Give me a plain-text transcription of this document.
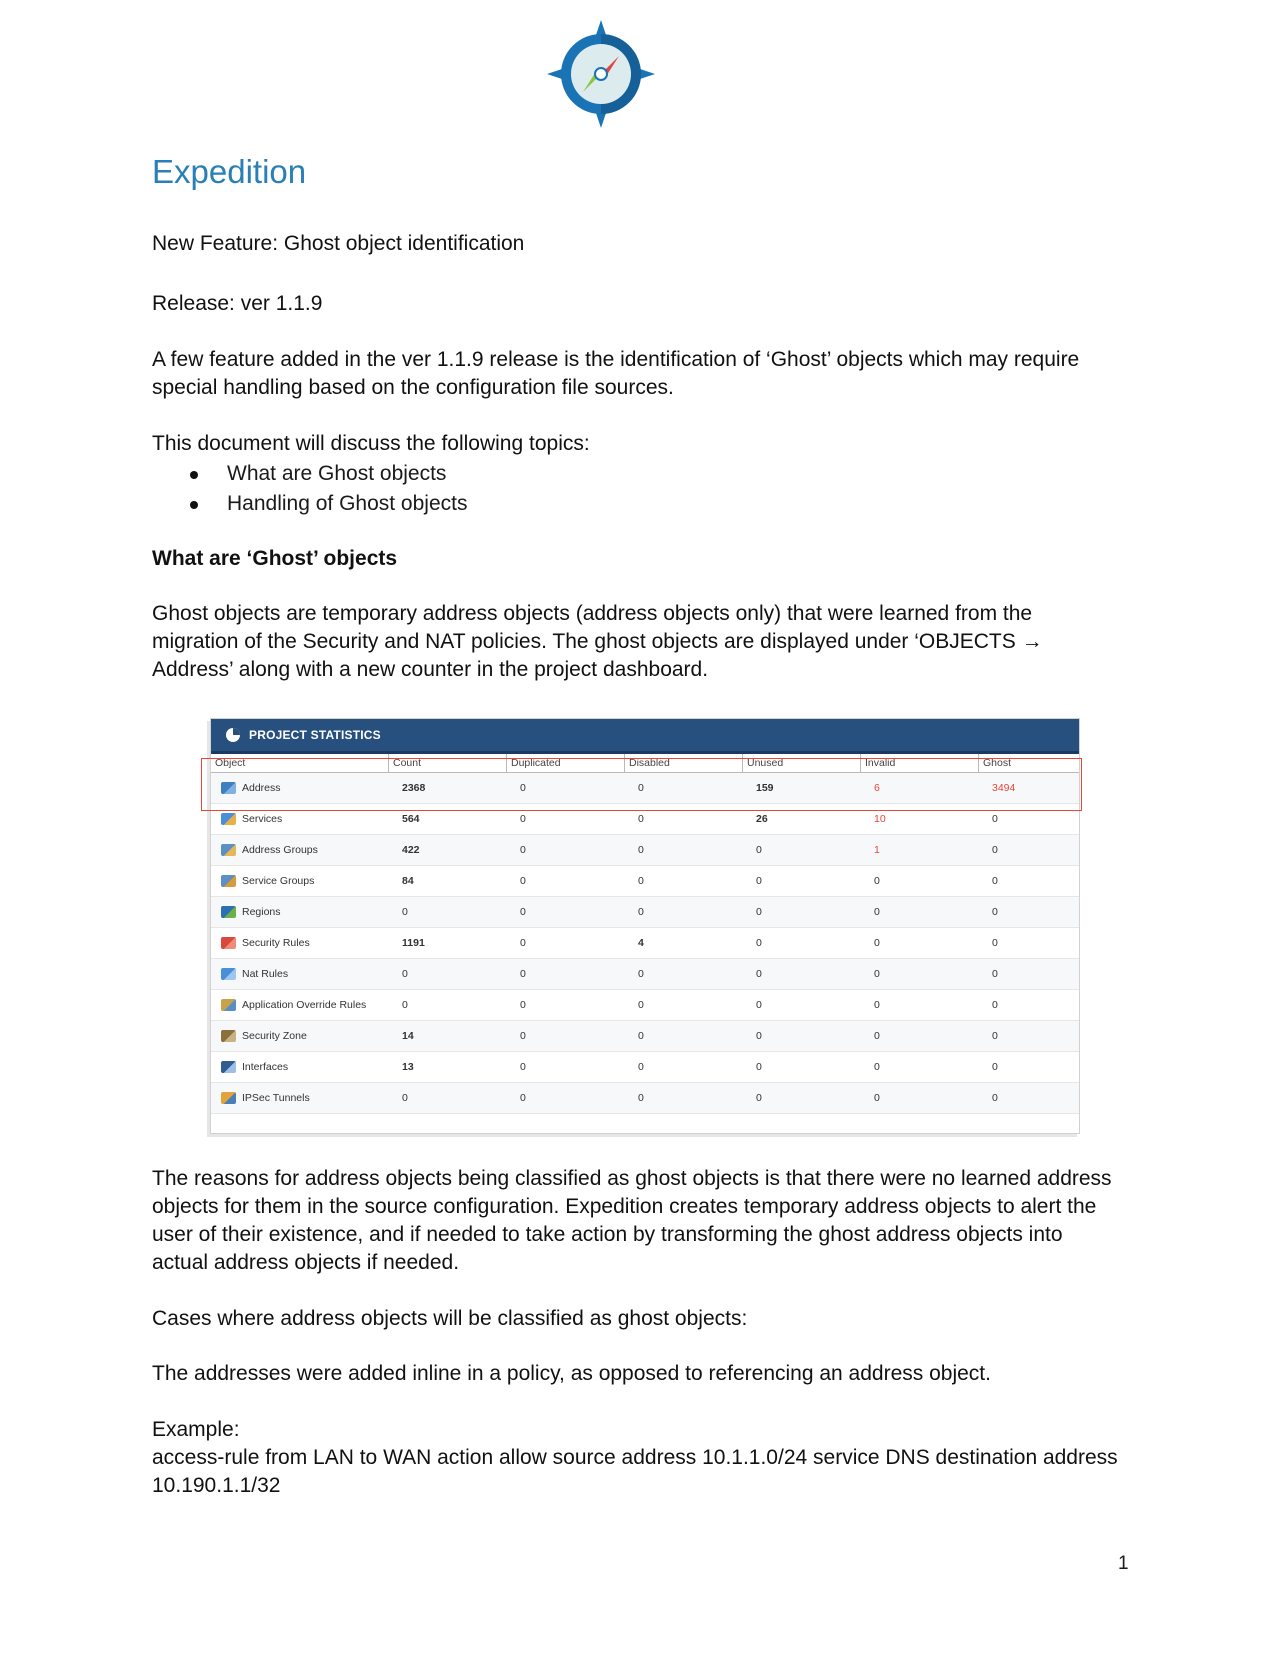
Expedition

New Feature: Ghost object identification

Release: ver 1.1.9

A few feature added in the ver 1.1.9 release is the identification of ‘Ghost’ objects which may require special handling based on the configuration file sources.

This document will discuss the following topics:

What are Ghost objects
Handling of Ghost objects

What are ‘Ghost’ objects

Ghost objects are temporary address objects (address objects only) that were learned from the migration of the Security and NAT policies. The ghost objects are displayed under ‘OBJECTS → Address’ along with a new counter in the project dashboard.

PROJECT STATISTICS
Object	Count	Duplicated	Disabled	Unused	Invalid	Ghost
Address	2368	0	0	159	6	3494
Services	564	0	0	26	10	0
Address Groups	422	0	0	0	1	0
Service Groups	84	0	0	0	0	0
Regions	0	0	0	0	0	0
Security Rules	1191	0	4	0	0	0
Nat Rules	0	0	0	0	0	0
Application Override Rules	0	0	0	0	0	0
Security Zone	14	0	0	0	0	0
Interfaces	13	0	0	0	0	0
IPSec Tunnels	0	0	0	0	0	0

The reasons for address objects being classified as ghost objects is that there were no learned address objects for them in the source configuration. Expedition creates temporary address objects to alert the user of their existence, and if needed to take action by transforming the ghost address objects into actual address objects if needed.

Cases where address objects will be classified as ghost objects:

The addresses were added inline in a policy, as opposed to referencing an address object.

Example:

access-rule from LAN to WAN action allow source address 10.1.1.0/24 service DNS destination address 10.190.1.1/32

1
